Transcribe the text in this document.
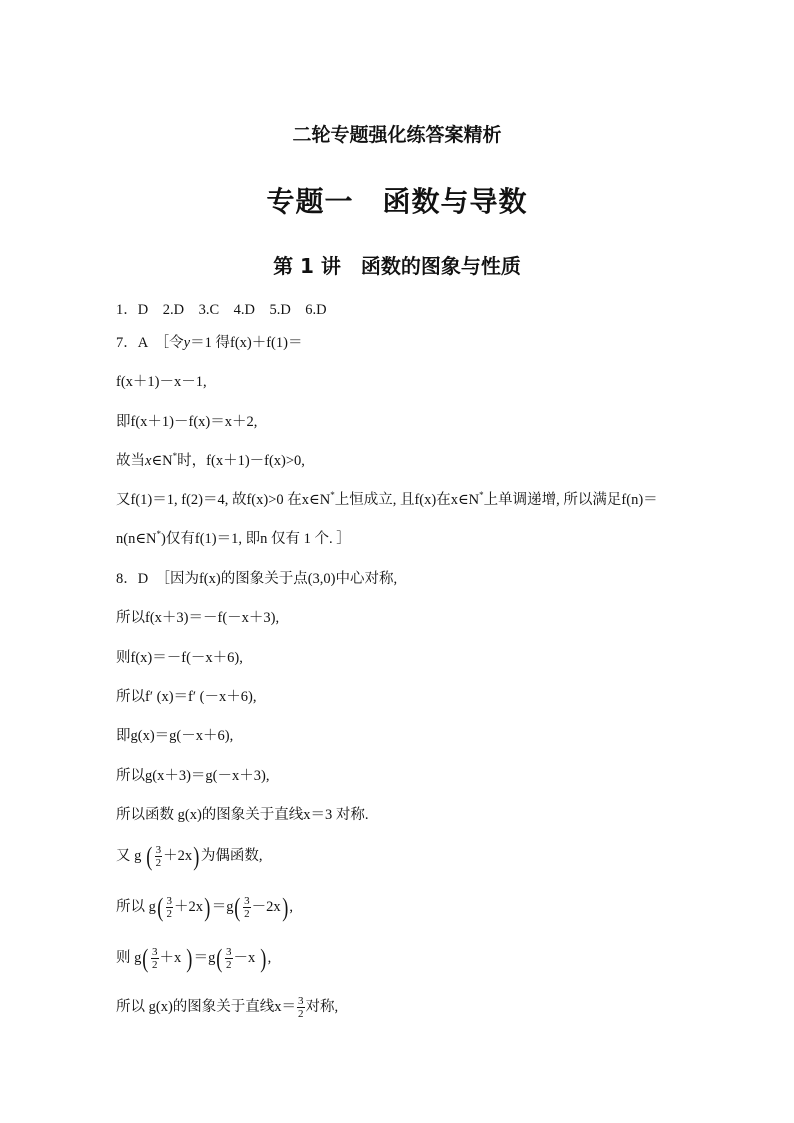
二轮专题强化练答案精析
专题一　函数与导数
第 1 讲　函数的图象与性质
1．D　2.D　3.C　4.D　5.D　6.D
7．A　 ［令y＝1 得f(x)＋f(1)＝
f(x＋1)－x－1,
即f(x＋1)－f(x)＝x＋2,
故当x∈N*时，f(x＋1)－f(x)>0,
又f(1)＝1, f(2)＝4, 故f(x)>0 在x∈N*上恒成立, 且f(x)在x∈N*上单调递增, 所以满足f(n)＝
n(n∈N*)仅有f(1)＝1, 即n 仅有 1 个. ］
8．D　［因为f(x)的图象关于点(3,0)中心对称,
所以f(x＋3)＝－f(－x＋3),
则f(x)＝－f(－x＋6),
所以f′ (x)＝f′ (－x＋6),
即g(x)＝g(－x＋6),
所以g(x＋3)＝g(－x＋3),
所以函数 g(x)的图象关于直线x＝3 对称.
又 g ( $\frac{3}{2} +2x$)为偶函数,
所以 $g( \frac{3}{2} +2x)=g( \frac{3}{2} -2x)$,
则 $g( \frac{3}{2} +x$ )$=g( \frac{3}{2} -x$ ),
所以 g(x)的图象关于直线$x= \frac{3}{2}$ 对称,
